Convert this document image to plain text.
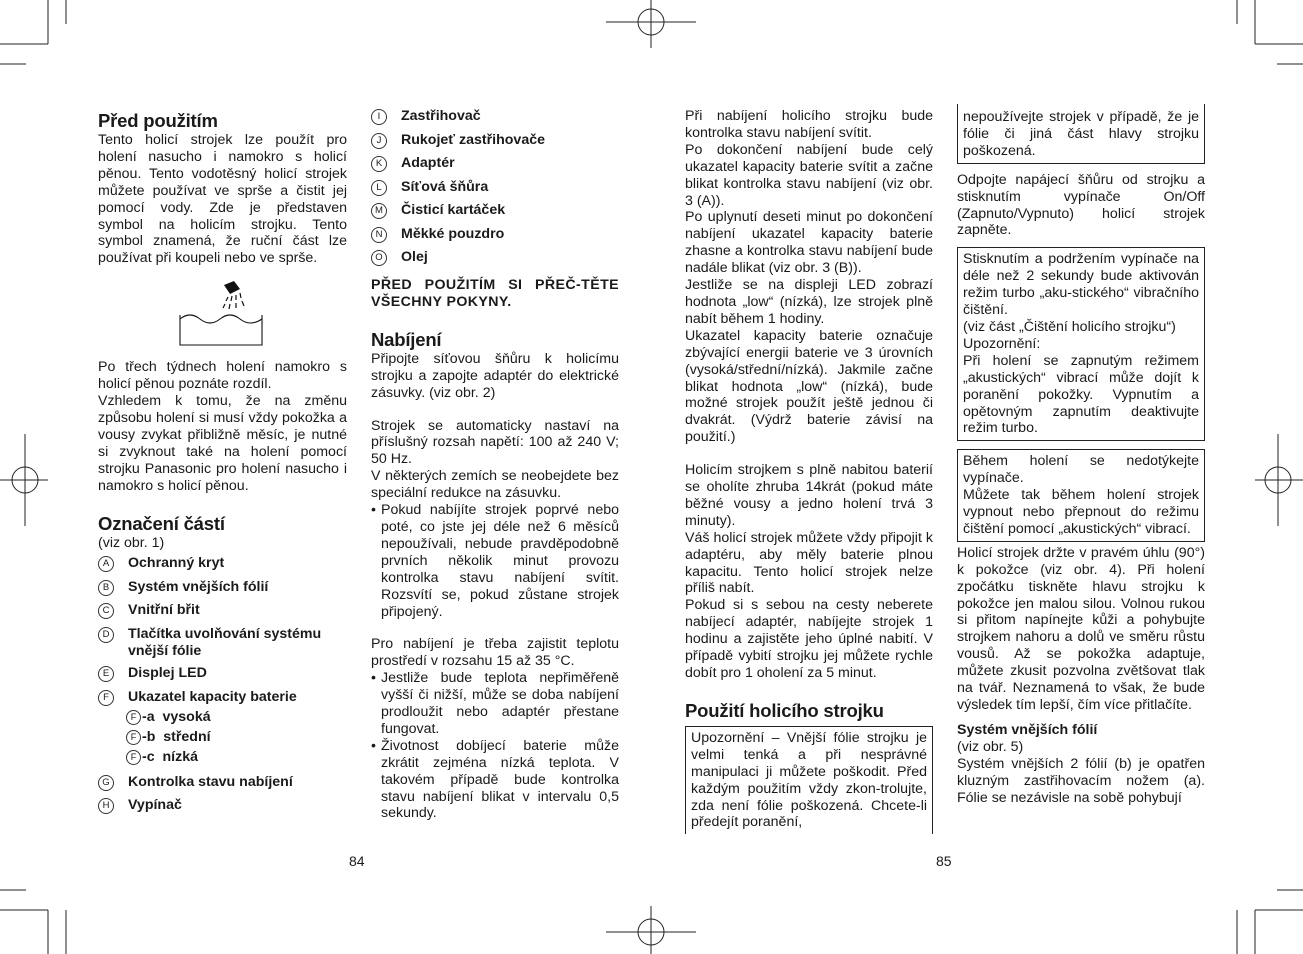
Před použitím

Tento holicí strojek lze použít pro holení nasucho i namokro s holicí pěnou. Tento vodotěsný holicí strojek můžete používat ve sprše a čistit jej pomocí vody. Zde je představen symbol na holicím strojku. Tento symbol znamená, že ruční část lze používat při koupeli nebo ve sprše.

Po třech týdnech holení namokro s holicí pěnou poznáte rozdíl.

Vzhledem k tomu, že na změnu způsobu holení si musí vždy pokožka a vousy zvykat přibližně měsíc, je nutné si zvyknout také na holení pomocí strojku Panasonic pro holení nasucho i namokro s holicí pěnou.

Označení částí

(viz obr. 1)

A	Ochranný kryt
B	Systém vnějších fólií
C	Vnitřní břit
D	Tlačítka uvolňování systému vnější fólie
E	Displej LED
F	Ukazatel kapacity baterie
F -a  vysoká
F -b  střední
F -c  nízká
G	Kontrolka stavu nabíjení
H	Vypínač
I	Zastřihovač
J	Rukojeť zastřihovače
K	Adaptér
L	Síťová šňůra
M Čisticí kartáček
N	Měkké pouzdro
O	Olej

PŘED POUŽITÍM SI PŘEČ-TĚTE VŠECHNY POKYNY.

Nabíjení

Připojte síťovou šňůru k holicímu strojku a zapojte adaptér do elektrické zásuvky. (viz obr. 2)

Strojek se automaticky nastaví na příslušný rozsah napětí: 100 až 240 V; 50 Hz.

V některých zemích se neobejdete bez speciální redukce na zásuvku.

• Pokud nabíjíte strojek poprvé nebo poté, co jste jej déle než 6 měsíců nepoužívali, nebude pravděpodobně prvních několik minut provozu kontrolka stavu nabíjení svítit. Rozsvítí se, pokud zůstane strojek připojený.

Pro nabíjení je třeba zajistit teplotu prostředí v rozsahu 15 až 35 °C.

• Jestliže bude teplota nepřiměřeně vyšší či nižší, může se doba nabíjení prodloužit nebo adaptér přestane fungovat.
• Životnost dobíjecí baterie může zkrátit zejména nízká teplota. V takovém případě bude kontrolka stavu nabíjení blikat v intervalu 0,5 sekundy.
84

Při nabíjení holicího strojku bude kontrolka stavu nabíjení svítit.

Po dokončení nabíjení bude celý ukazatel kapacity baterie svítit a začne blikat kontrolka stavu nabíjení (viz obr. 3 (A)).

Po uplynutí deseti minut po dokončení nabíjení ukazatel kapacity baterie zhasne a kontrolka stavu nabíjení bude nadále blikat (viz obr. 3 (B)).

Jestliže se na displeji LED zobrazí hodnota „low“ (nízká), lze strojek plně nabít během 1 hodiny.

Ukazatel kapacity baterie označuje zbývající energii baterie ve 3 úrovních (vysoká/střední/nízká). Jakmile začne blikat hodnota „low“ (nízká), bude možné strojek použít ještě jednou či dvakrát. (Výdrž baterie závisí na použití.)

Holicím strojkem s plně nabitou baterií se oholíte zhruba 14krát (pokud máte běžné vousy a jedno holení trvá 3 minuty).

Váš holicí strojek můžete vždy připojit k adaptéru, aby měly baterie plnou kapacitu. Tento holicí strojek nelze příliš nabít.

Pokud si s sebou na cesty neberete nabíjecí adaptér, nabíjejte strojek 1 hodinu a zajistěte jeho úplné nabití. V případě vybití strojku jej můžete rychle dobít pro 1 oholení za 5 minut.

Použití holicího strojku

Upozornění – Vnější fólie strojku je velmi tenká a při nesprávné manipulaci ji můžete poškodit. Před každým použitím vždy zkon-trolujte, zda není fólie poškozená. Chcete-li předejít poranění,

nepoužívejte strojek v případě, že je fólie či jiná část hlavy strojku poškozená.

Odpojte napájecí šňůru od strojku a stisknutím vypínače On/Off (Zapnuto/Vypnuto) holicí strojek zapněte.

Stisknutím a podržením vypínače na déle než 2 sekundy bude aktivován režim turbo „aku-stického“ vibračního čištění.

(viz část „Čištění holicího strojku“)

Upozornění:

Při holení se zapnutým režimem „akustických“ vibrací může dojít k poranění pokožky. Vypnutím a opětovným zapnutím deaktivujte režim turbo.

Během holení se nedotýkejte vypínače.

Můžete tak během holení strojek vypnout nebo přepnout do režimu čištění pomocí „akustických“ vibrací.

Holicí strojek držte v pravém úhlu (90°) k pokožce (viz obr. 4). Při holení zpočátku tiskněte hlavu strojku k pokožce jen malou silou. Volnou rukou si přitom napínejte kůži a pohybujte strojkem nahoru a dolů ve směru růstu vousů. Až se pokožka adaptuje, můžete zkusit pozvolna zvětšovat tlak na tvář. Neznamená to však, že bude výsledek tím lepší, čím více přitlačíte.

Systém vnějších fólií

(viz obr. 5)

Systém vnějších 2 fólií (b) je opatřen kluzným zastřihovacím nožem (a). Fólie se nezávisle na sobě pohybují

85
